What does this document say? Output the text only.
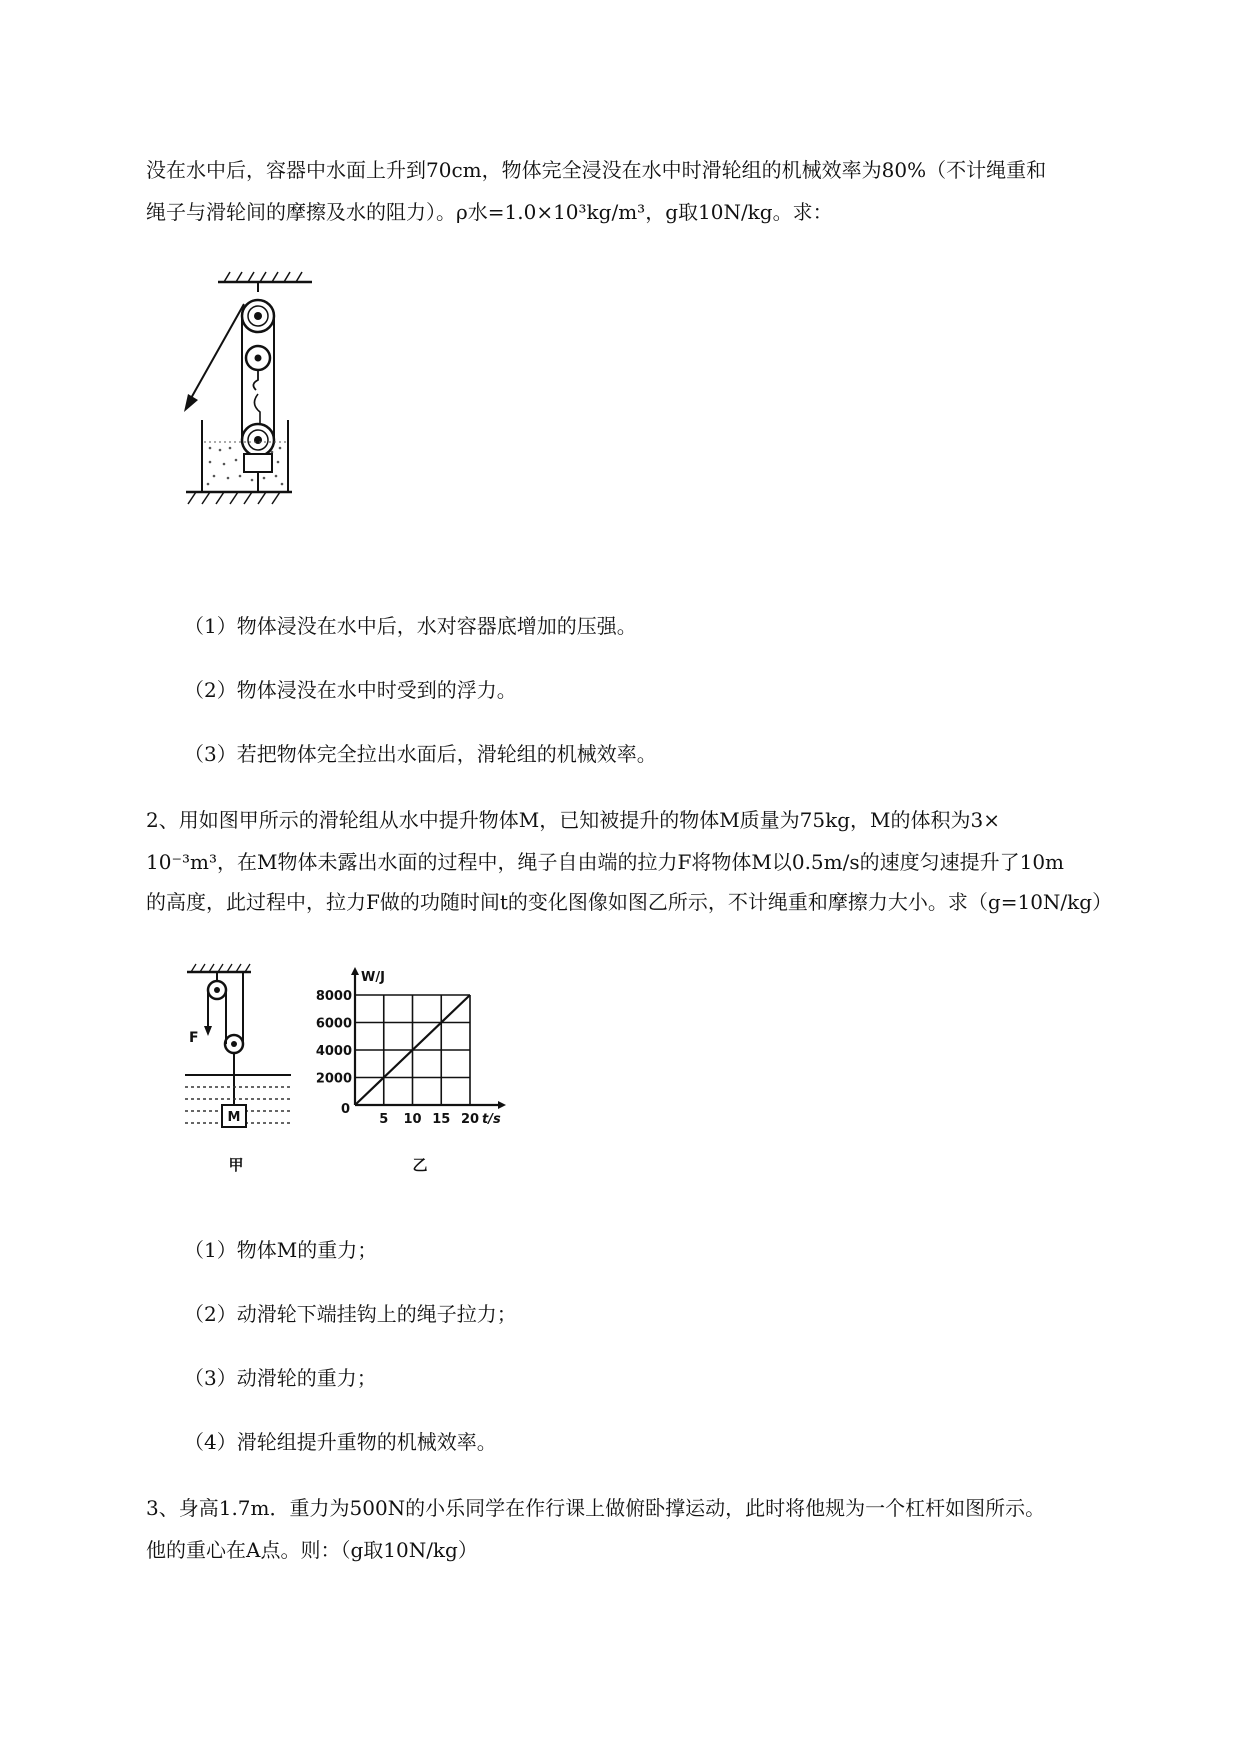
没在水中后，容器中水面上升到70cm，物体完全浸没在水中时滑轮组的机械效率为80%（不计绳重和
绳子与滑轮间的摩擦及水的阻力）。ρ水=1.0×10³kg/m³，g取10N/kg。求：
（1）物体浸没在水中后，水对容器底增加的压强。
（2）物体浸没在水中时受到的浮力。
（3）若把物体完全拉出水面后，滑轮组的机械效率。
2、用如图甲所示的滑轮组从水中提升物体M，已知被提升的物体M质量为75kg，M的体积为3×
10⁻³m³，在M物体未露出水面的过程中，绳子自由端的拉力F将物体M以0.5m/s的速度匀速提升了10m
的高度，此过程中，拉力F做的功随时间t的变化图像如图乙所示，不计绳重和摩擦力大小。求（g=10N/kg）
F
M
甲
5 10 15 20
2000
4000
6000
8000
W/J
t/s
0
乙
（1）物体M的重力；
（2）动滑轮下端挂钩上的绳子拉力；
（3）动滑轮的重力；
（4）滑轮组提升重物的机械效率。
3、身高1.7m．重力为500N的小乐同学在作行课上做俯卧撑运动，此时将他规为一个杠杆如图所示。
他的重心在A点。则：（g取10N/kg）
